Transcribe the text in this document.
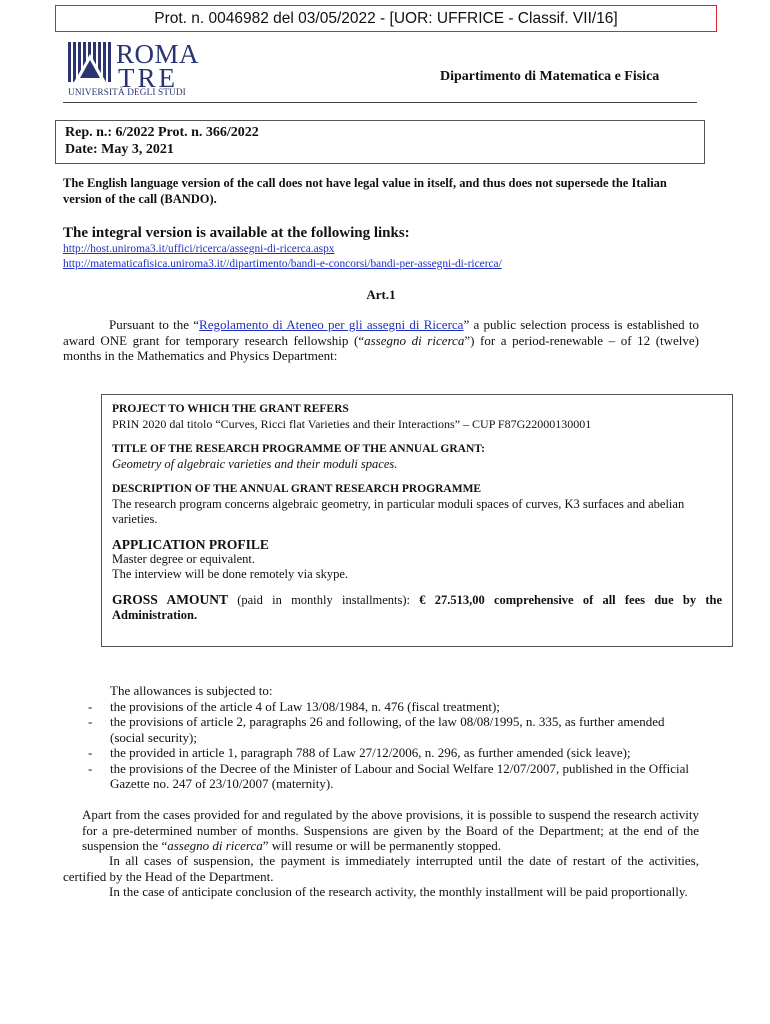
Prot. n. 0046982 del 03/05/2022 - [UOR: UFFRICE - Classif. VII/16]
ROMA
TRE
UNIVERSITÀ DEGLI STUDI
Dipartimento di Matematica e Fisica
Rep. n.: 6/2022 Prot. n. 366/2022
Date: May 3, 2021
The English language version of the call does not have legal value in itself, and thus does not supersede the Italian version of the call (BANDO).
The integral version is available at the following links:
http://host.uniroma3.it/uffici/ricerca/assegni-di-ricerca.aspx
http://matematicafisica.uniroma3.it//dipartimento/bandi-e-concorsi/bandi-per-assegni-di-ricerca/
Art.1
Pursuant to the “Regolamento di Ateneo per gli assegni di Ricerca” a public selection process is established to award ONE grant for temporary research fellowship (“assegno di ricerca”) for a period-renewable – of 12 (twelve) months in the Mathematics and Physics Department:
PROJECT TO WHICH THE GRANT REFERS
PRIN 2020 dal titolo “Curves, Ricci flat Varieties and their Interactions” – CUP F87G22000130001
TITLE OF THE RESEARCH PROGRAMME OF THE ANNUAL GRANT:
Geometry of algebraic varieties and their moduli spaces.
DESCRIPTION OF THE ANNUAL GRANT RESEARCH PROGRAMME
The research program concerns algebraic geometry, in particular moduli spaces of curves, K3 surfaces and abelian varieties.
APPLICATION PROFILE
Master degree or equivalent.
The interview will be done remotely via skype.
GROSS AMOUNT (paid in monthly installments): € 27.513,00 comprehensive of all fees due by the Administration.
The allowances is subjected to:
- the provisions of the article 4 of Law 13/08/1984, n. 476 (fiscal treatment);
- the provisions of article 2, paragraphs 26 and following, of the law 08/08/1995, n. 335, as further amended (social security);
- the provided in article 1, paragraph 788 of Law 27/12/2006, n. 296, as further amended (sick leave);
- the provisions of the Decree of the Minister of Labour and Social Welfare 12/07/2007, published in the Official Gazette no. 247 of 23/10/2007 (maternity).
Apart from the cases provided for and regulated by the above provisions, it is possible to suspend the research activity for a pre-determined number of months. Suspensions are given by the Board of the Department; at the end of the suspension the “assegno di ricerca” will resume or will be permanently stopped.
In all cases of suspension, the payment is immediately interrupted until the date of restart of the activities, certified by the Head of the Department.
In the case of anticipate conclusion of the research activity, the monthly installment will be paid proportionally.
